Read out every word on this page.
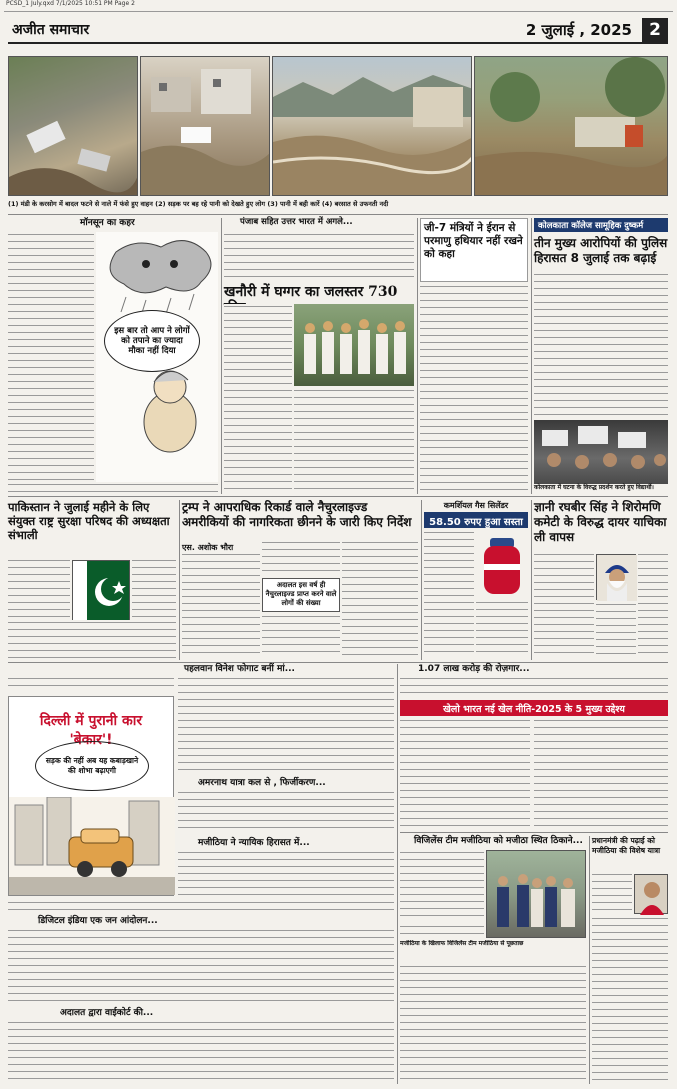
PCSD_1 July.qxd 7/1/2025 10:51 PM Page 2
अजीत समाचार	2 जुलाई , 2025	2
(1) मंडी के करसोग में बादल फटने से नाले में फंसे हुए वाहन (2) सड़क पर बह रहे पानी को देखते हुए लोग (3) पानी में बही कारें (4) बरसात से उफनती नदी
मॉनसून का कहर
इस बार तो आप ने लोगों को तपाने का ज्यादा मौका नहीं दिया
पंजाब सहित उत्तर भारत में अगले...
खनौरी में घग्गर का जलस्तर 730
जी-7 मंत्रियों ने ईरान से परमाणु हथियार नहीं रखने को कहा
कोलकाता कॉलेज सामूहिक दुष्कर्म
तीन मुख्य आरोपियों की पुलिस हिरासत 8 जुलाई तक बढ़ाई
कोलकाता में घटना के विरुद्ध प्रदर्शन करते हुए विद्यार्थी।
पाकिस्तान ने जुलाई महीने के लिए संयुक्त राष्ट्र सुरक्षा परिषद की अध्यक्षता संभाली
ट्रम्प ने आपराधिक रिकार्ड वाले नैचुरलाइज्ड अमरीकियों की नागरिकता छीनने के जारी किए निर्देश
एस. अशोक भौरा
अदालत इस वर्ष ही नैचुरलाइज्ड प्राप्त करने वाले लोगों की संख्या
कमर्शियल गैस सिलेंडर
58.50 रुपए हुआ सस्ता
ज्ञानी रघबीर सिंह ने शिरोमणि कमेटी के विरुद्ध दायर याचिका ली वापस
पहलवान विनेश फोगाट बनीं मां...
दिल्ली में पुरानी कार 'बेकार'!
सड़क की नहीं अब यह कबाड़खाने की शोभा बढ़ाएगी
अमरनाथ यात्रा कल से , फिर्जीकरण...
मजीठिया ने न्यायिक हिरासत में...
डिजिटल इंडिया एक जन आंदोलन...
अदालत द्वारा वाईकोर्ट की...
1.07 लाख करोड़ की रोज़गार...
खेलो भारत नई खेल नीति-2025 के 5 मुख्य उद्देश्य
विजिलेंस टीम मजीठिया को मजीठा स्थित ठिकाने...
मजीठिया के खिलाफ विजिलेंस टीम मजीठिया से पूछताछ
प्रधानमंत्री की पढ़ाई को मजीठिया की विशेष यात्रा
